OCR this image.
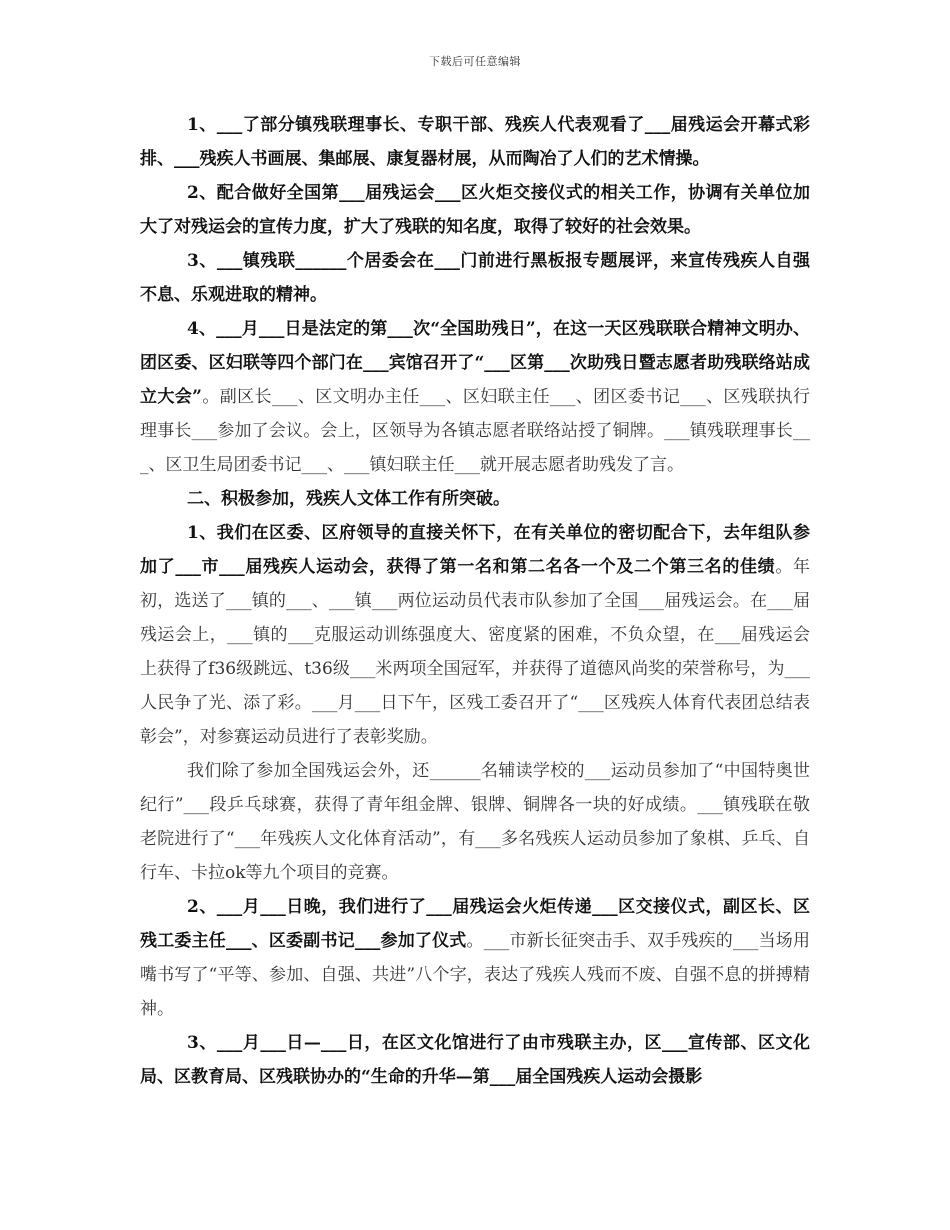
下载后可任意编辑

1、___了部分镇残联理事长、专职干部、残疾人代表观看了___届残运会开幕式彩排、___残疾人书画展、集邮展、康复器材展，从而陶冶了人们的艺术情操。

2、配合做好全国第___届残运会___区火炬交接仪式的相关工作，协调有关单位加大了对残运会的宣传力度，扩大了残联的知名度，取得了较好的社会效果。

3、___镇残联______个居委会在___门前进行黑板报专题展评，来宣传残疾人自强不息、乐观进取的精神。

4、___月___日是法定的第___次“全国助残日”，在这一天区残联联合精神文明办、团区委、区妇联等四个部门在___宾馆召开了“___区第___次助残日暨志愿者助残联络站成立大会”。副区长___、区文明办主任___、区妇联主任___、团区委书记___、区残联执行理事长___参加了会议。会上，区领导为各镇志愿者联络站授了铜牌。___镇残联理事长___、区卫生局团委书记___、___镇妇联主任___就开展志愿者助残发了言。

二、积极参加，残疾人文体工作有所突破。

1、我们在区委、区府领导的直接关怀下，在有关单位的密切配合下，去年组队参加了___市___届残疾人运动会，获得了第一名和第二名各一个及二个第三名的佳绩。年初，选送了___镇的___、___镇___两位运动员代表市队参加了全国___届残运会。在___届残运会上，___镇的___克服运动训练强度大、密度紧的困难，不负众望，在___届残运会上获得了f36级跳远、t36级___米两项全国冠军，并获得了道德风尚奖的荣誉称号，为___人民争了光、添了彩。___月___日下午，区残工委召开了“___区残疾人体育代表团总结表彰会”，对参赛运动员进行了表彰奖励。

我们除了参加全国残运会外，还______名辅读学校的___运动员参加了“中国特奥世纪行”___段乒乓球赛，获得了青年组金牌、银牌、铜牌各一块的好成绩。___镇残联在敬老院进行了“___年残疾人文化体育活动”，有___多名残疾人运动员参加了象棋、乒乓、自行车、卡拉ok等九个项目的竞赛。

2、___月___日晚，我们进行了___届残运会火炬传递___区交接仪式，副区长、区残工委主任___、区委副书记___参加了仪式。___市新长征突击手、双手残疾的___当场用嘴书写了“平等、参加、自强、共进”八个字，表达了残疾人残而不废、自强不息的拼搏精神。

3、___月___日—___日，在区文化馆进行了由市残联主办，区___宣传部、区文化局、区教育局、区残联协办的“生命的升华—第___届全国残疾人运动会摄影
